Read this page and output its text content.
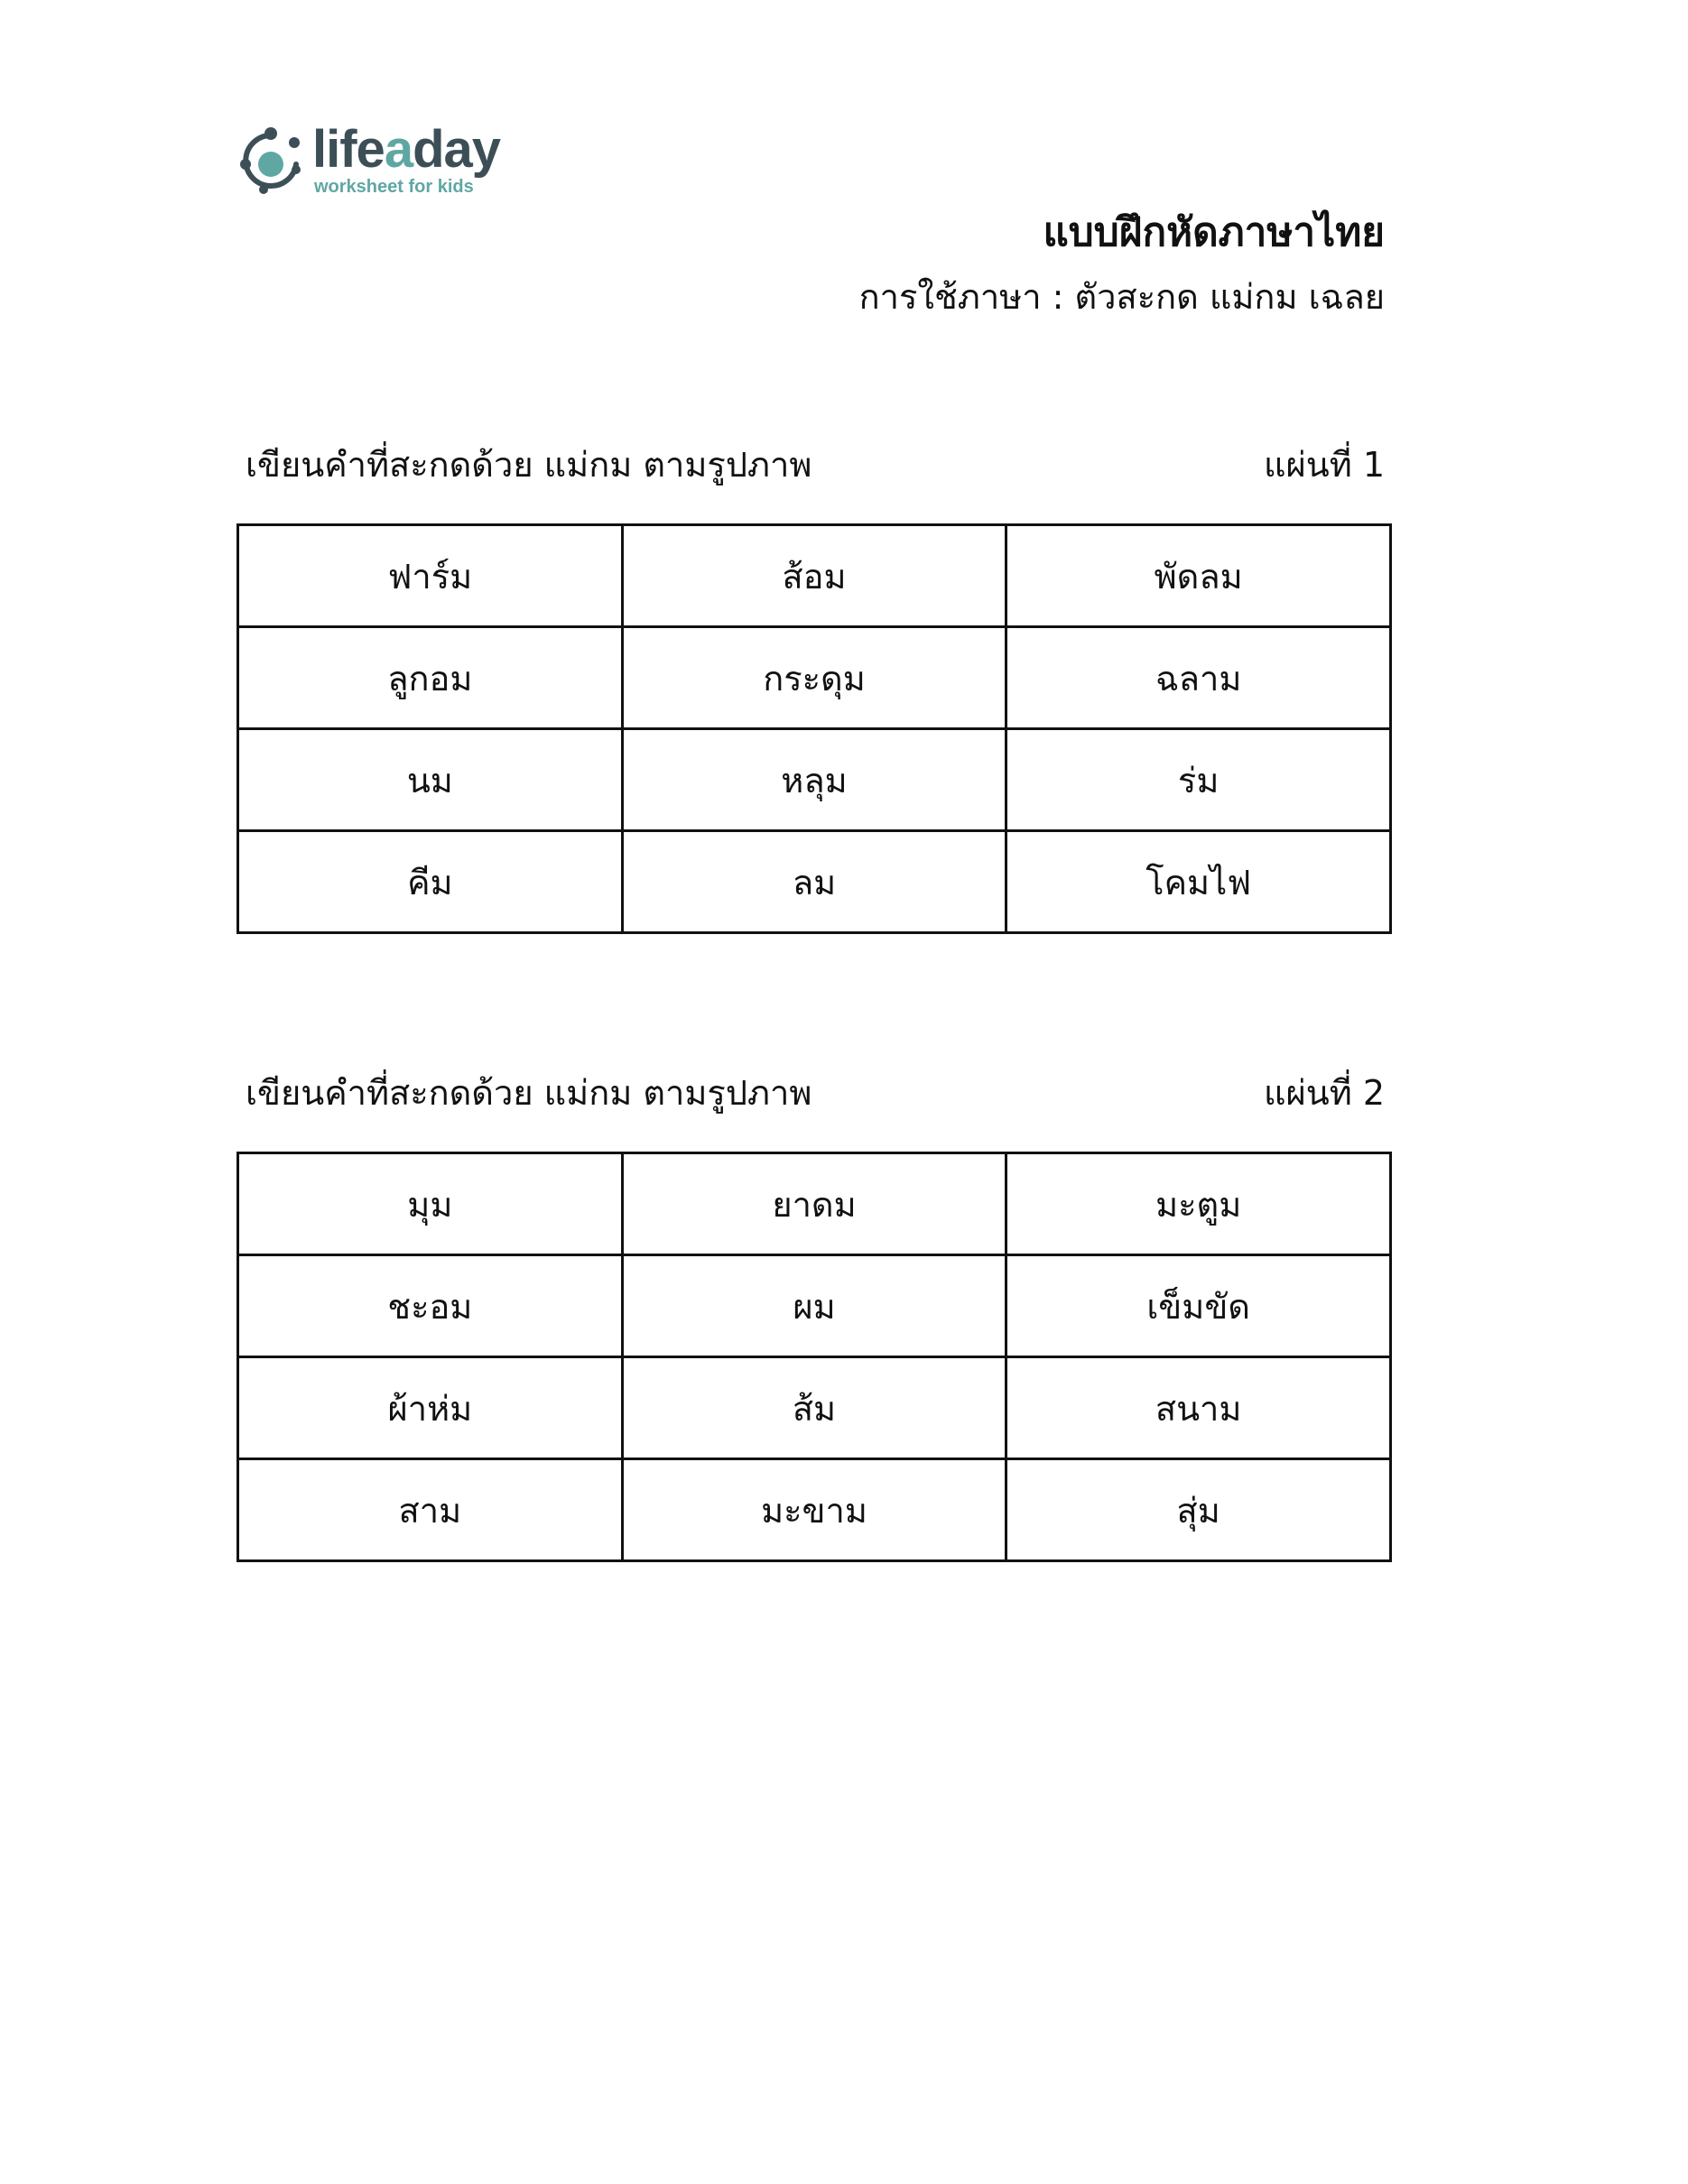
lifeaday
worksheet for kids
แบบฝึกหัดภาษาไทย
การใช้ภาษา : ตัวสะกด แม่กม เฉลย
เขียนคำที่สะกดด้วย แม่กม ตามรูปภาพ	แผ่นที่ 1
ฟาร์ม	ส้อม	พัดลม
ลูกอม	กระดุม	ฉลาม
นม	หลุม	ร่ม
คีม	ลม	โคมไฟ
เขียนคำที่สะกดด้วย แม่กม ตามรูปภาพ	แผ่นที่ 2
มุม	ยาดม	มะตูม
ชะอม	ผม	เข็มขัด
ผ้าห่ม	ส้ม	สนาม
สาม	มะขาม	สุ่ม
